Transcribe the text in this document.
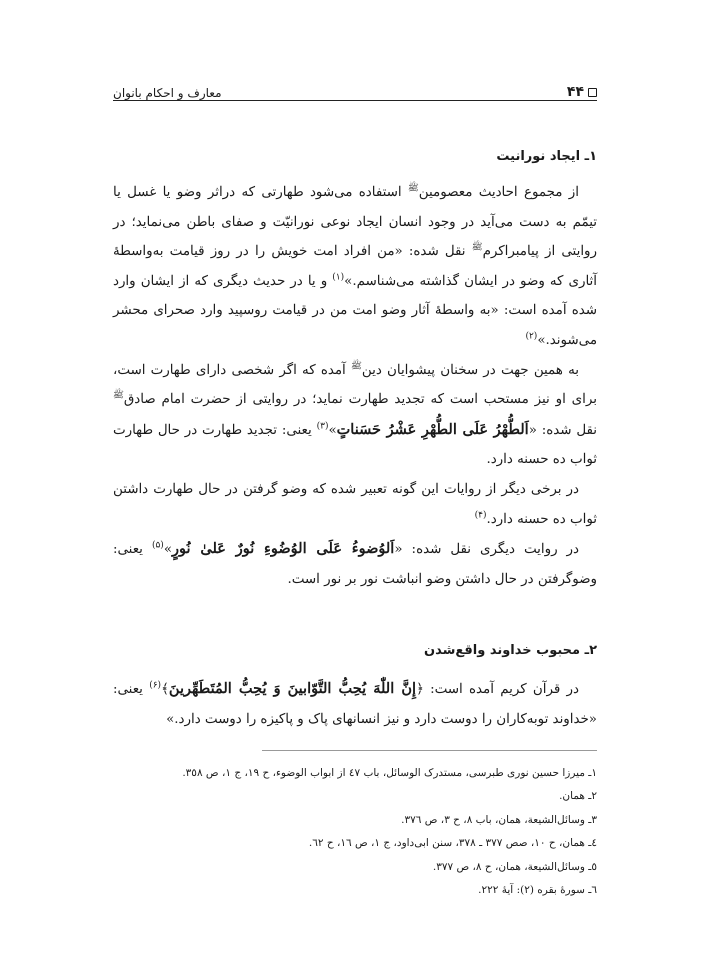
۴۴
معارف و احکام بانوان
۱ـ ایجاد نورانیت

از مجموع احادیث معصومین$^ﷺ$ استفاده می‌شود طهارتی که دراثر وضو یا غسل یا تیمّم به دست می‌آید در وجود انسان ایجاد نوعی نورانیّت و صفای باطن می‌نماید؛ در روایتی از پیامبراکرم$^ﷺ$ نقل شده: «من افراد امت خویش را در روز قیامت به‌واسطهٔ آثاری که وضو در ایشان گذاشته می‌شناسم.»$^{(۱)}$ و یا در حدیث دیگری که از ایشان وارد شده آمده است: «به واسطهٔ آثار وضو امت من در قیامت روسپید وارد صحرای محشر می‌شوند.»$^{(۲)}$

به همین جهت در سخنان پیشوایان دین$^ﷺ$ آمده که اگر شخصی دارای طهارت است، برای او نیز مستحب است که تجدید طهارت نماید؛ در روایتی از حضرت امام صادق$^ﷺ$ نقل شده: «اَلطُّهْرُ عَلَی الطُّهْرِ عَشْرُ حَسَناتٍ»$^{(۳)}$ یعنی: تجدید طهارت در حال طهارت ثواب ده حسنه دارد.

در برخی دیگر از روایات این گونه تعبیر شده که وضو گرفتن در حال طهارت داشتن ثواب ده حسنه دارد.$^{(۴)}$

در روایت دیگری نقل شده: «اَلوُضوءُ عَلَی الوُضُوءِ نُورٌ عَلیٰ نُورٍ»$^{(۵)}$ یعنی: وضوگرفتن در حال داشتن وضو انباشت نور بر نور است.

۲ـ محبوب خداوند واقع‌شدن

در قرآن کریم آمده است: ﴿إِنَّ اللّٰهَ یُحِبُّ التَّوّابینَ وَ یُحِبُّ المُتَطَهِّرینَ﴾$^{(۶)}$ یعنی: «خداوند توبه‌کاران را دوست دارد و نیز انسانهای پاک و پاکیزه را دوست دارد.»

۱ـ میرزا حسین نوری طبرسی، مستدرک الوسائل، باب ٤٧ از ابواب الوضوء، ح ١٩، ج ١، ص ٣٥٨.
۲ـ همان.
۳ـ وسائل‌الشیعة، همان، باب ٨، ح ٣، ص ٣٧٦.
٤ـ همان، ح ١٠، صص ٣٧٧ ـ ٣٧٨، سنن ابی‌داود، ج ١، ص ١٦، ح ٦٢.
٥ـ وسائل‌الشیعة، همان، ح ٨، ص ٣٧٧.
٦ـ سورهٔ بقره (٢): آیهٔ ٢٢٢.
